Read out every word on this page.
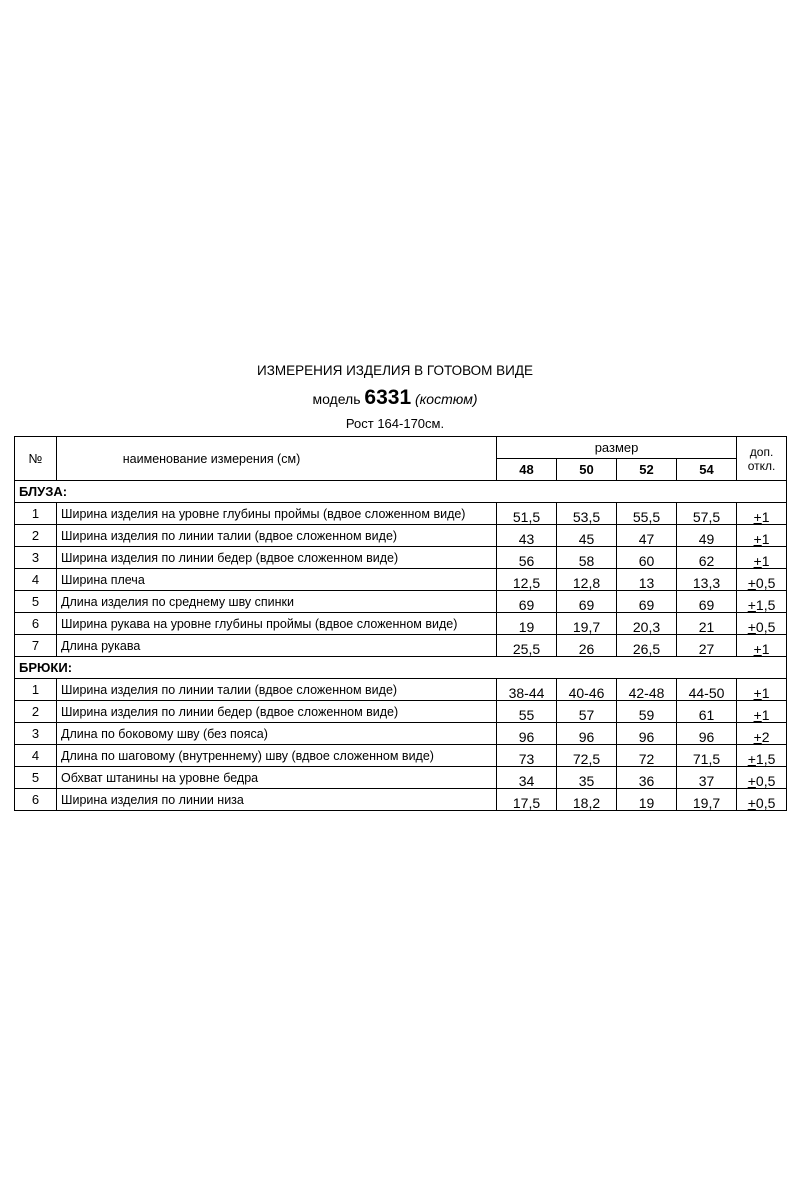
ИЗМЕРЕНИЯ ИЗДЕЛИЯ В ГОТОВОМ ВИДЕ
модель 6331 (костюм)
Рост 164-170см.
№	наименование измерения (см)	размер				доп.
откл.
		48	50	52	54	
БЛУЗА:						
1	Ширина изделия на уровне глубины проймы (вдвое сложенном виде)	51,5	53,5	55,5	57,5	+1
2	Ширина изделия по линии талии (вдвое сложенном виде)	43	45	47	49	+1
3	Ширина изделия по линии бедер (вдвое сложенном виде)	56	58	60	62	+1
4	Ширина плеча	12,5	12,8	13	13,3	+0,5
5	Длина изделия по среднему шву спинки	69	69	69	69	+1,5
6	Ширина рукава на уровне глубины проймы (вдвое сложенном виде)	19	19,7	20,3	21	+0,5
7	Длина рукава	25,5	26	26,5	27	+1
БРЮКИ:						
1	Ширина изделия по линии талии (вдвое сложенном виде)	38-44	40-46	42-48	44-50	+1
2	Ширина изделия по линии бедер (вдвое сложенном виде)	55	57	59	61	+1
3	Длина по боковому шву (без пояса)	96	96	96	96	+2
4	Длина по шаговому (внутреннему) шву (вдвое сложенном виде)	73	72,5	72	71,5	+1,5
5	Обхват штанины на уровне бедра	34	35	36	37	+0,5
6	Ширина изделия по линии низа	17,5	18,2	19	19,7	+0,5
